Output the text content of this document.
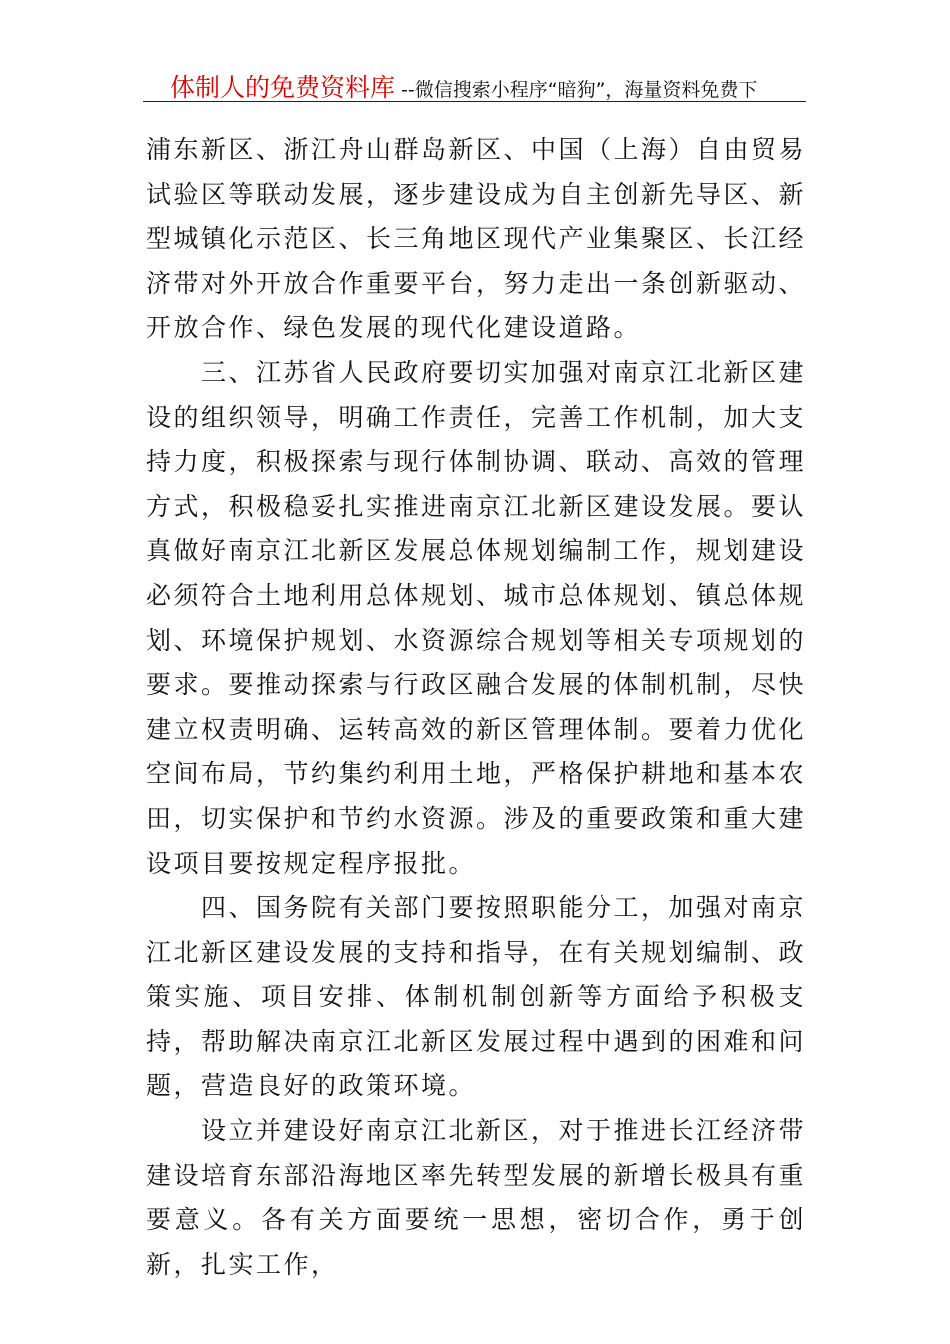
体制人的免费资料库 --微信搜索小程序“暗狗”，海量资料免费下

浦东新区、浙江舟山群岛新区、中国（上海）自由贸易试验区等联动发展，逐步建设成为自主创新先导区、新型城镇化示范区、长三角地区现代产业集聚区、长江经济带对外开放合作重要平台，努力走出一条创新驱动、开放合作、绿色发展的现代化建设道路。

三、江苏省人民政府要切实加强对南京江北新区建设的组织领导，明确工作责任，完善工作机制，加大支持力度，积极探索与现行体制协调、联动、高效的管理方式，积极稳妥扎实推进南京江北新区建设发展。要认真做好南京江北新区发展总体规划编制工作，规划建设必须符合土地利用总体规划、城市总体规划、镇总体规划、环境保护规划、水资源综合规划等相关专项规划的要求。要推动探索与行政区融合发展的体制机制，尽快建立权责明确、运转高效的新区管理体制。要着力优化空间布局，节约集约利用土地，严格保护耕地和基本农田，切实保护和节约水资源。涉及的重要政策和重大建设项目要按规定程序报批。

四、国务院有关部门要按照职能分工，加强对南京江北新区建设发展的支持和指导，在有关规划编制、政策实施、项目安排、体制机制创新等方面给予积极支持，帮助解决南京江北新区发展过程中遇到的困难和问题，营造良好的政策环境。

设立并建设好南京江北新区，对于推进长江经济带建设培育东部沿海地区率先转型发展的新增长极具有重要意义。各有关方面要统一思想，密切合作，勇于创新，扎实工作，
